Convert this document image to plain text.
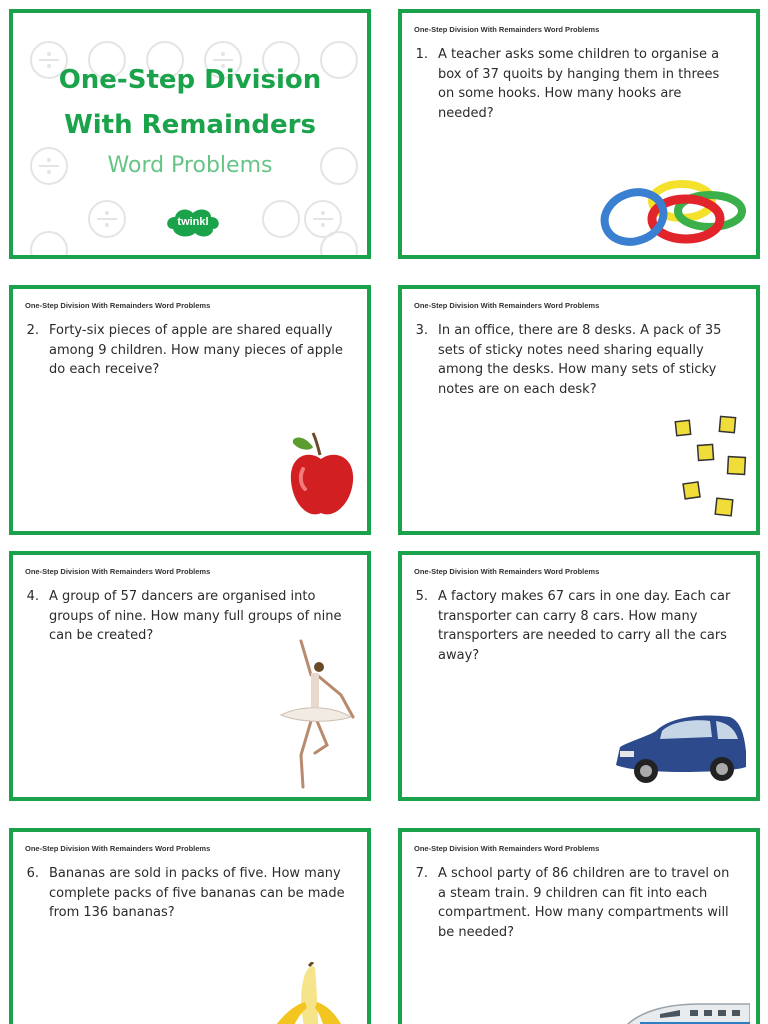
One-Step Division
With Remainders
Word Problems
twinkl
One-Step Division With Remainders Word Problems
1. A teacher asks some children to organise a box of 37 quoits by hanging them in threes on some hooks. How many hooks are needed?
One-Step Division With Remainders Word Problems
2. Forty-six pieces of apple are shared equally among 9 children. How many pieces of apple do each receive?
One-Step Division With Remainders Word Problems
3. In an office, there are 8 desks. A pack of 35 sets of sticky notes need sharing equally among the desks. How many sets of sticky notes are on each desk?
One-Step Division With Remainders Word Problems
4. A group of 57 dancers are organised into groups of nine. How many full groups of nine can be created?
One-Step Division With Remainders Word Problems
5. A factory makes 67 cars in one day. Each car transporter can carry 8 cars. How many transporters are needed to carry all the cars away?
One-Step Division With Remainders Word Problems
6. Bananas are sold in packs of five. How many complete packs of five bananas can be made from 136 bananas?
One-Step Division With Remainders Word Problems
7. A school party of 86 children are to travel on a steam train. 9 children can fit into each compartment. How many compartments will be needed?
